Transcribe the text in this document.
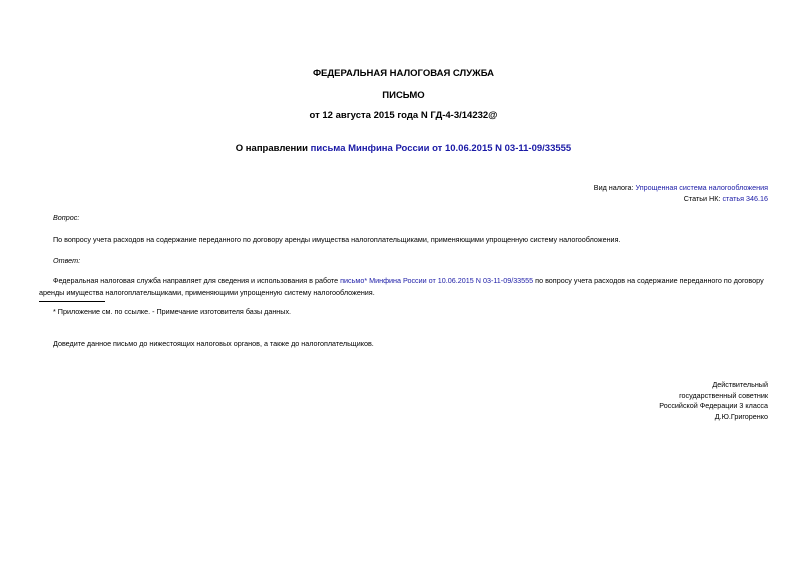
ФЕДЕРАЛЬНАЯ НАЛОГОВАЯ СЛУЖБА
ПИСЬМО
от 12 августа 2015 года N ГД-4-3/14232@
О направлении письма Минфина России от 10.06.2015 N 03-11-09/33555
Вид налога: Упрощенная система налогообложения
Статьи НК: статья 346.16
Вопрос:
По вопросу учета расходов на содержание переданного по договору аренды имущества налогоплательщиками, применяющими упрощенную систему налогообложения.
Ответ:
Федеральная налоговая служба направляет для сведения и использования в работе письмо* Минфина России от 10.06.2015 N 03-11-09/33555 по вопросу учета расходов на содержание переданного по договору аренды имущества налогоплательщиками, применяющими упрощенную систему налогообложения.
* Приложение см. по ссылке. - Примечание изготовителя базы данных.
Доведите данное письмо до нижестоящих налоговых органов, а также до налогоплательщиков.
Действительный
государственный советник
Российской Федерации 3 класса
Д.Ю.Григоренко
